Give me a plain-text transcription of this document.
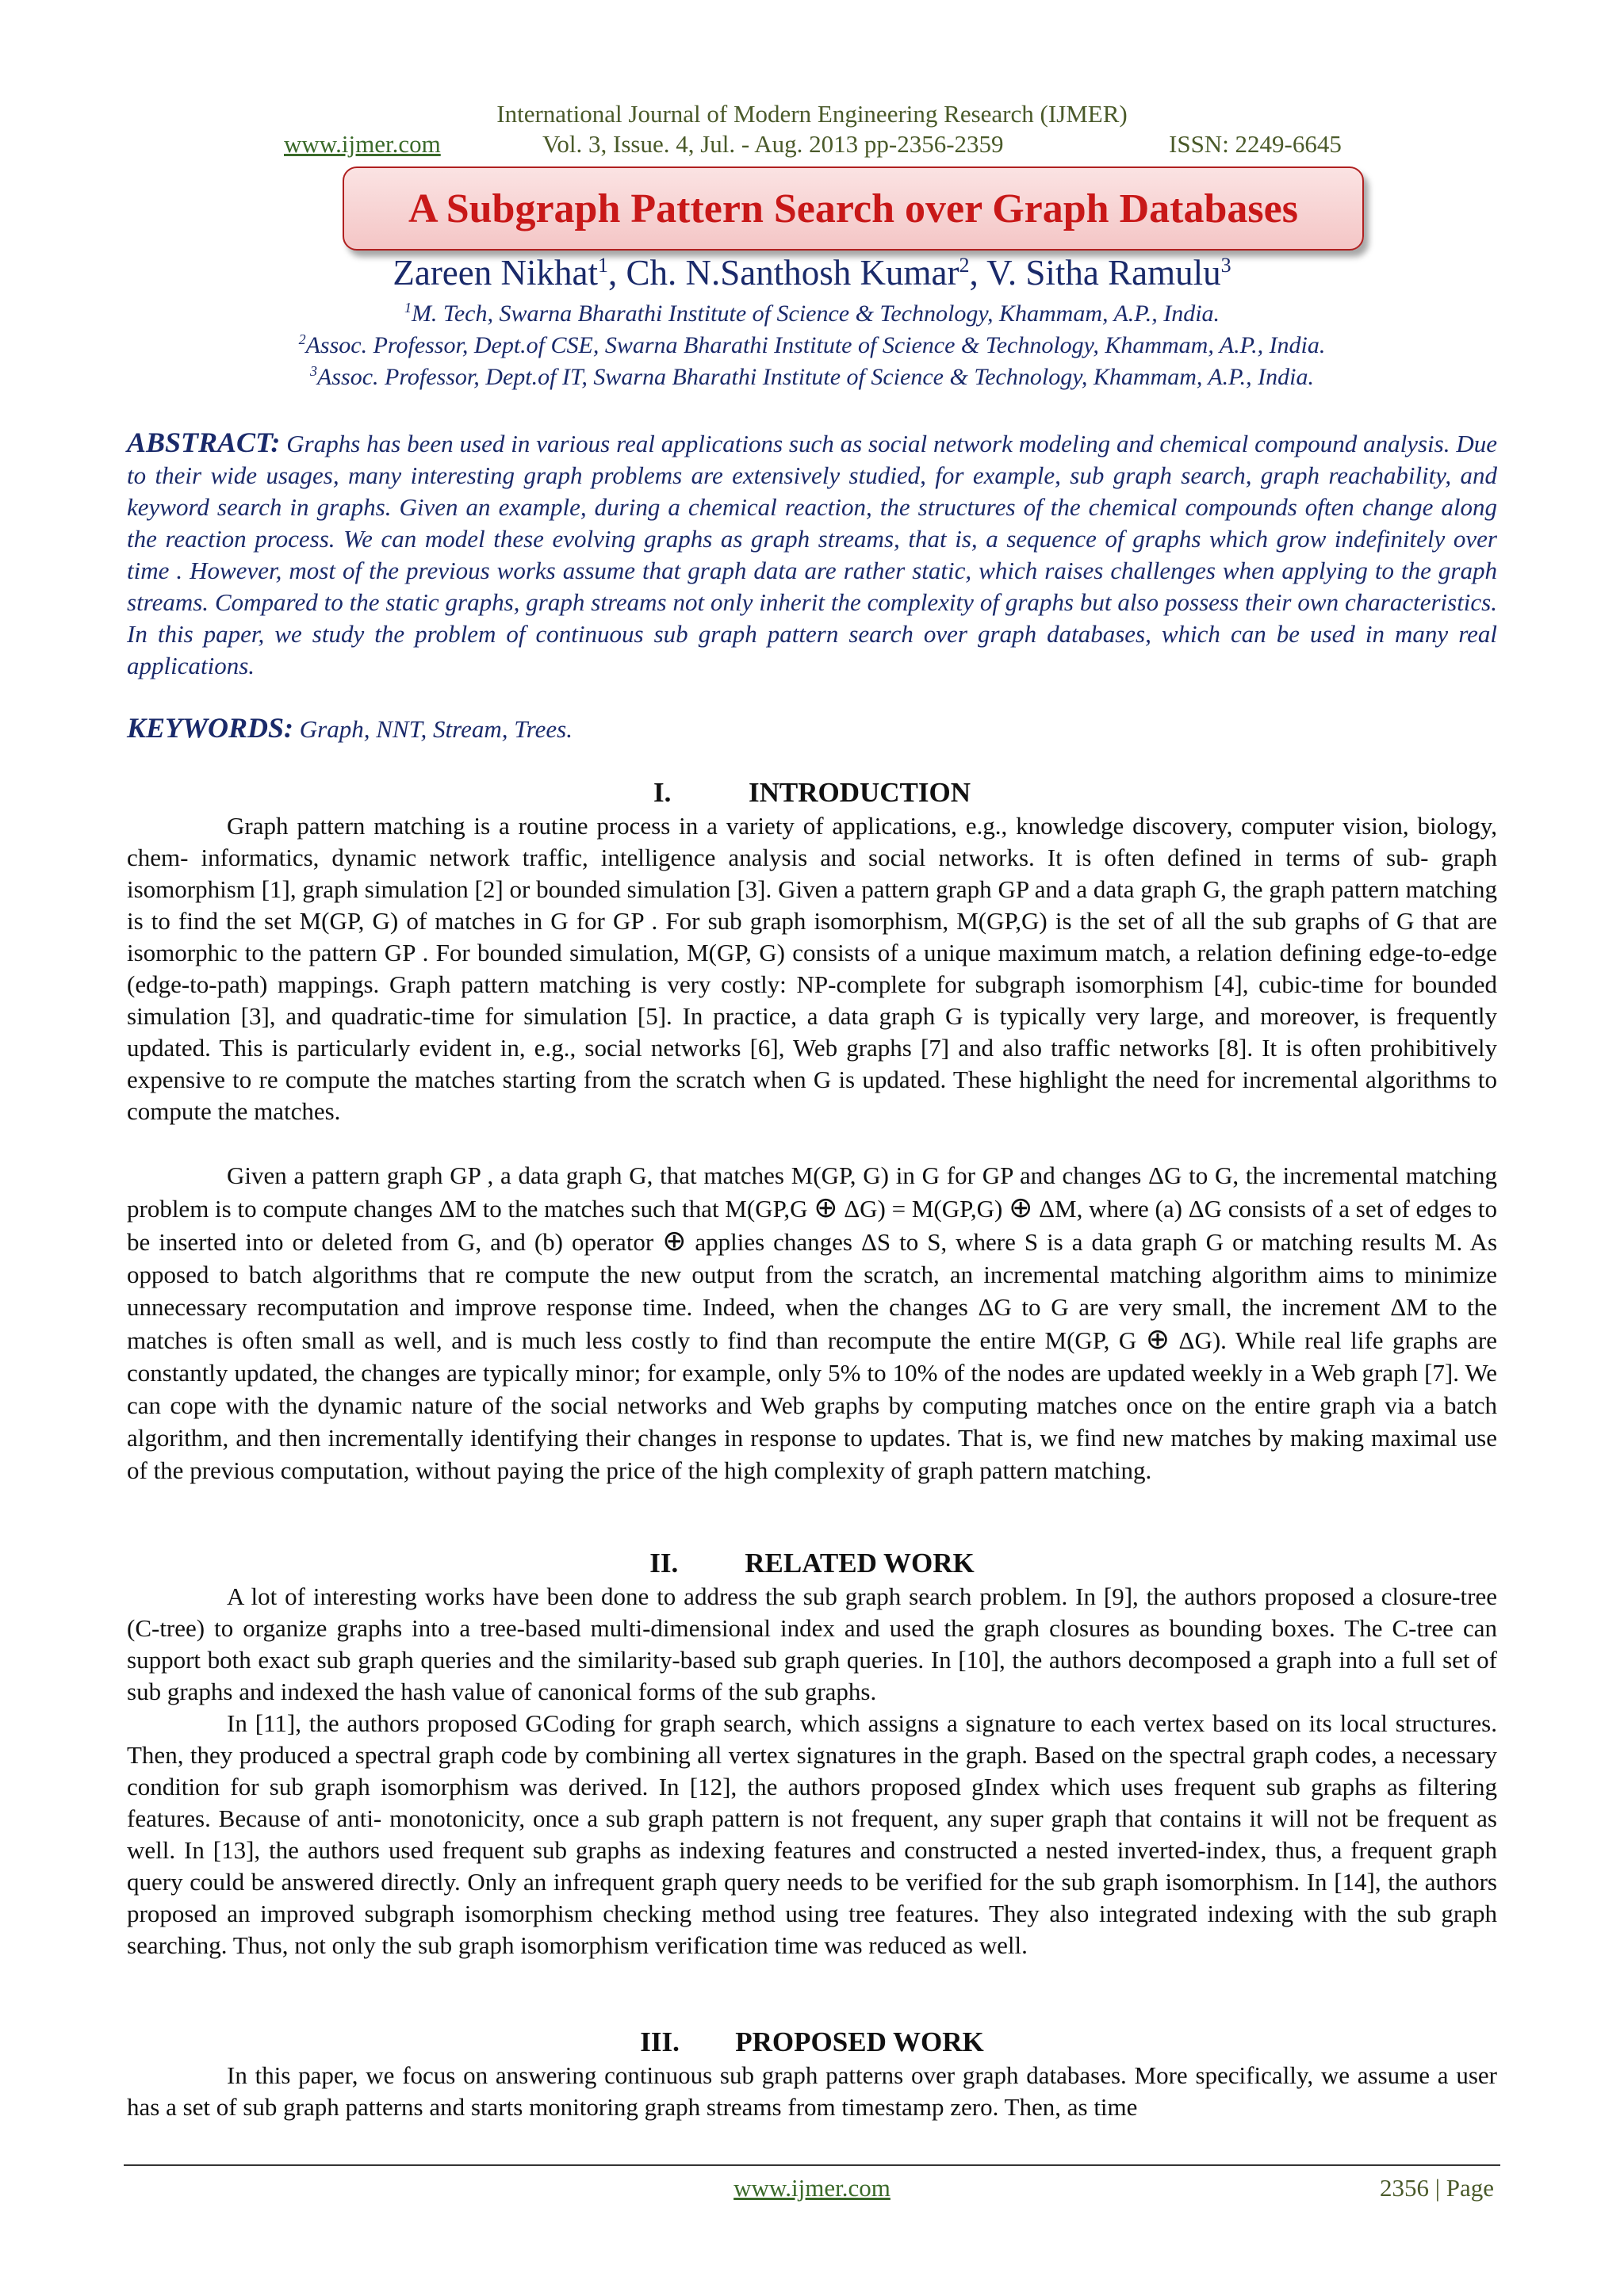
International Journal of Modern Engineering Research (IJMER)
www.ijmer.com	Vol. 3, Issue. 4, Jul. - Aug. 2013 pp-2356-2359	ISSN: 2249-6645
A Subgraph Pattern Search over Graph Databases
Zareen Nikhat$^1$, Ch. N.Santhosh Kumar$^2$, V. Sitha Ramulu$^3$
$^1$M. Tech, Swarna Bharathi Institute of Science & Technology, Khammam, A.P., India.
$^2$Assoc. Professor, Dept.of CSE, Swarna Bharathi Institute of Science & Technology, Khammam, A.P., India.
$^3$Assoc. Professor, Dept.of IT, Swarna Bharathi Institute of Science & Technology, Khammam, A.P., India.
ABSTRACT: Graphs has been used in various real applications such as social network modeling and chemical compound analysis. Due to their wide usages, many interesting graph problems are extensively studied, for example, sub graph search, graph reachability, and keyword search in graphs. Given an example, during a chemical reaction, the structures of the chemical compounds often change along the reaction process. We can model these evolving graphs as graph streams, that is, a sequence of graphs which grow indefinitely over time . However, most of the previous works assume that graph data are rather static, which raises challenges when applying to the graph streams. Compared to the static graphs, graph streams not only inherit the complexity of graphs but also possess their own characteristics. In this paper, we study the problem of continuous sub graph pattern search over graph databases, which can be used in many real applications.
KEYWORDS: Graph, NNT, Stream, Trees.
I.	INTRODUCTION
Graph pattern matching is a routine process in a variety of applications, e.g., knowledge discovery, computer vision, biology, chem- informatics, dynamic network traffic, intelligence analysis and social networks. It is often defined in terms of sub- graph isomorphism [1], graph simulation [2] or bounded simulation [3]. Given a pattern graph GP and a data graph G, the graph pattern matching is to find the set M(GP, G) of matches in G for GP . For sub graph isomorphism, M(GP,G) is the set of all the sub graphs of G that are isomorphic to the pattern GP . For bounded simulation, M(GP, G) consists of a unique maximum match, a relation defining edge-to-edge (edge-to-path) mappings. Graph pattern matching is very costly: NP-complete for subgraph isomorphism [4], cubic-time for bounded simulation [3], and quadratic-time for simulation [5]. In practice, a data graph G is typically very large, and moreover, is frequently updated. This is particularly evident in, e.g., social networks [6], Web graphs [7] and also traffic networks [8]. It is often prohibitively expensive to re compute the matches starting from the scratch when G is updated. These highlight the need for incremental algorithms to compute the matches.
Given a pattern graph GP , a data graph G, that matches M(GP, G) in G for GP and changes ΔG to G, the incremental matching problem is to compute changes ΔM to the matches such that M(GP,G ⊕ ΔG) = M(GP,G) ⊕ ΔM, where (a) ΔG consists of a set of edges to be inserted into or deleted from G, and (b) operator ⊕ applies changes ΔS to S, where S is a data graph G or matching results M. As opposed to batch algorithms that re compute the new output from the scratch, an incremental matching algorithm aims to minimize unnecessary recomputation and improve response time. Indeed, when the changes ΔG to G are very small, the increment ΔM to the matches is often small as well, and is much less costly to find than recompute the entire M(GP, G ⊕ ΔG). While real life graphs are constantly updated, the changes are typically minor; for example, only 5% to 10% of the nodes are updated weekly in a Web graph [7]. We can cope with the dynamic nature of the social networks and Web graphs by computing matches once on the entire graph via a batch algorithm, and then incrementally identifying their changes in response to updates. That is, we find new matches by making maximal use of the previous computation, without paying the price of the high complexity of graph pattern matching.
II. RELATED WORK
A lot of interesting works have been done to address the sub graph search problem. In [9], the authors proposed a closure-tree (C-tree) to organize graphs into a tree-based multi-dimensional index and used the graph closures as bounding boxes. The C-tree can support both exact sub graph queries and the similarity-based sub graph queries. In [10], the authors decomposed a graph into a full set of sub graphs and indexed the hash value of canonical forms of the sub graphs.
In [11], the authors proposed GCoding for graph search, which assigns a signature to each vertex based on its local structures. Then, they produced a spectral graph code by combining all vertex signatures in the graph. Based on the spectral graph codes, a necessary condition for sub graph isomorphism was derived. In [12], the authors proposed gIndex which uses frequent sub graphs as filtering features. Because of anti- monotonicity, once a sub graph pattern is not frequent, any super graph that contains it will not be frequent as well. In [13], the authors used frequent sub graphs as indexing features and constructed a nested inverted-index, thus, a frequent graph query could be answered directly. Only an infrequent graph query needs to be verified for the sub graph isomorphism. In [14], the authors proposed an improved subgraph isomorphism checking method using tree features. They also integrated indexing with the sub graph searching. Thus, not only the sub graph isomorphism verification time was reduced as well.
III. PROPOSED WORK
In this paper, we focus on answering continuous sub graph patterns over graph databases. More specifically, we assume a user has a set of sub graph patterns and starts monitoring graph streams from timestamp zero. Then, as time
www.ijmer.com	2356 | Page
